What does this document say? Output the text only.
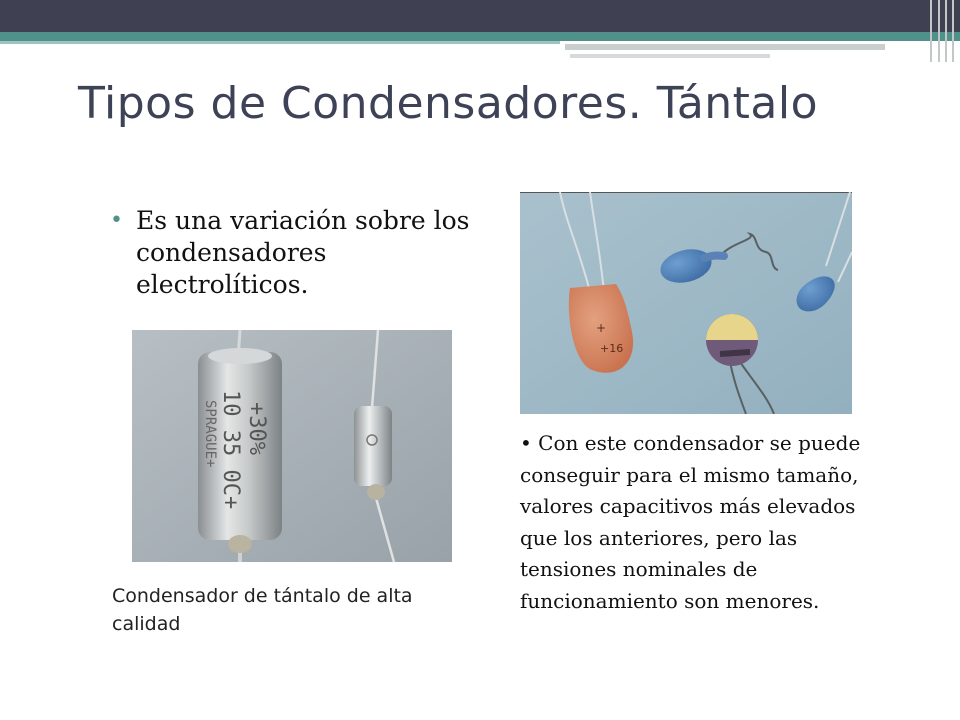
Tipos de Condensadores. Tántalo
• Es una variación sobre los condensadores electrolíticos.
+30%
10 35 0C+
SPRAGUE+
Condensador de tántalo de alta calidad
+
+16
• Con este condensador se puede conseguir para el mismo tamaño, valores capacitivos más elevados que los anteriores, pero las tensiones nominales de funcionamiento son menores.
